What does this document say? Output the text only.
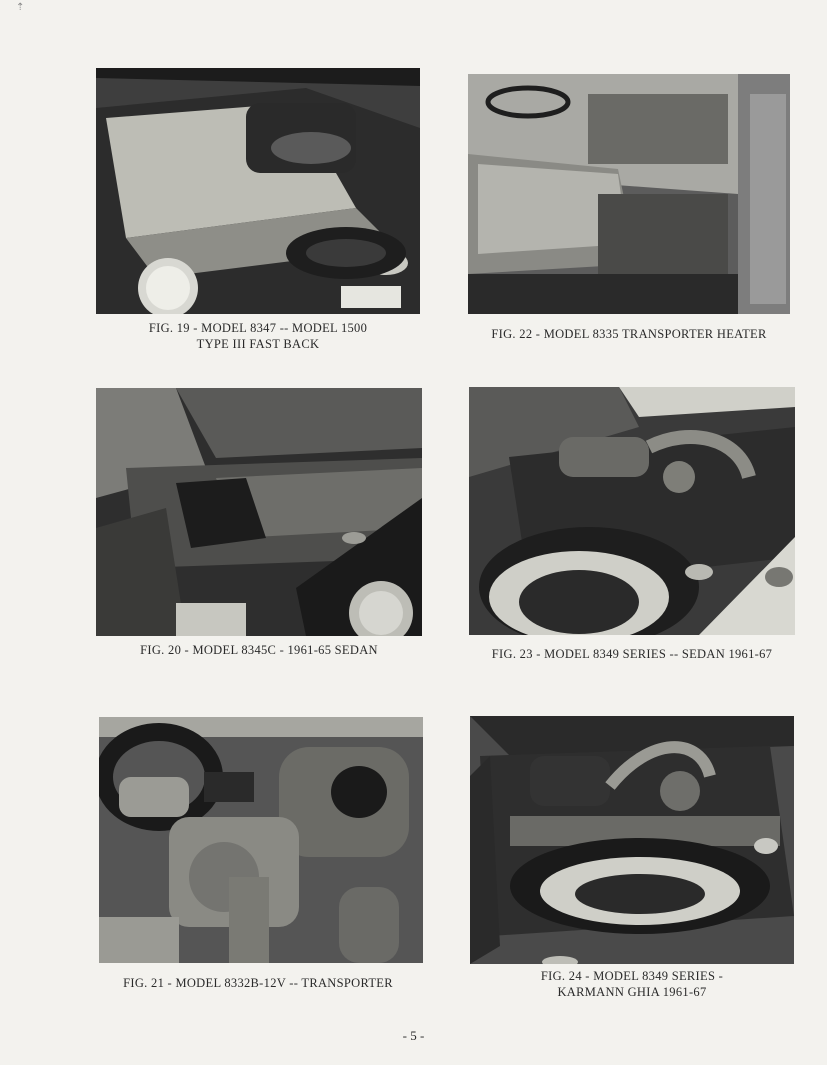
⇡
FIG. 19 - MODEL 8347 -- MODEL 1500
TYPE III FAST BACK
FIG. 22 - MODEL 8335 TRANSPORTER HEATER
FIG. 20 - MODEL 8345C - 1961-65 SEDAN	FIG. 23 - MODEL 8349 SERIES -- SEDAN 1961-67
FIG. 21 - MODEL 8332B-12V -- TRANSPORTER	FIG. 24 - MODEL 8349 SERIES -
KARMANN GHIA 1961-67
- 5 -
